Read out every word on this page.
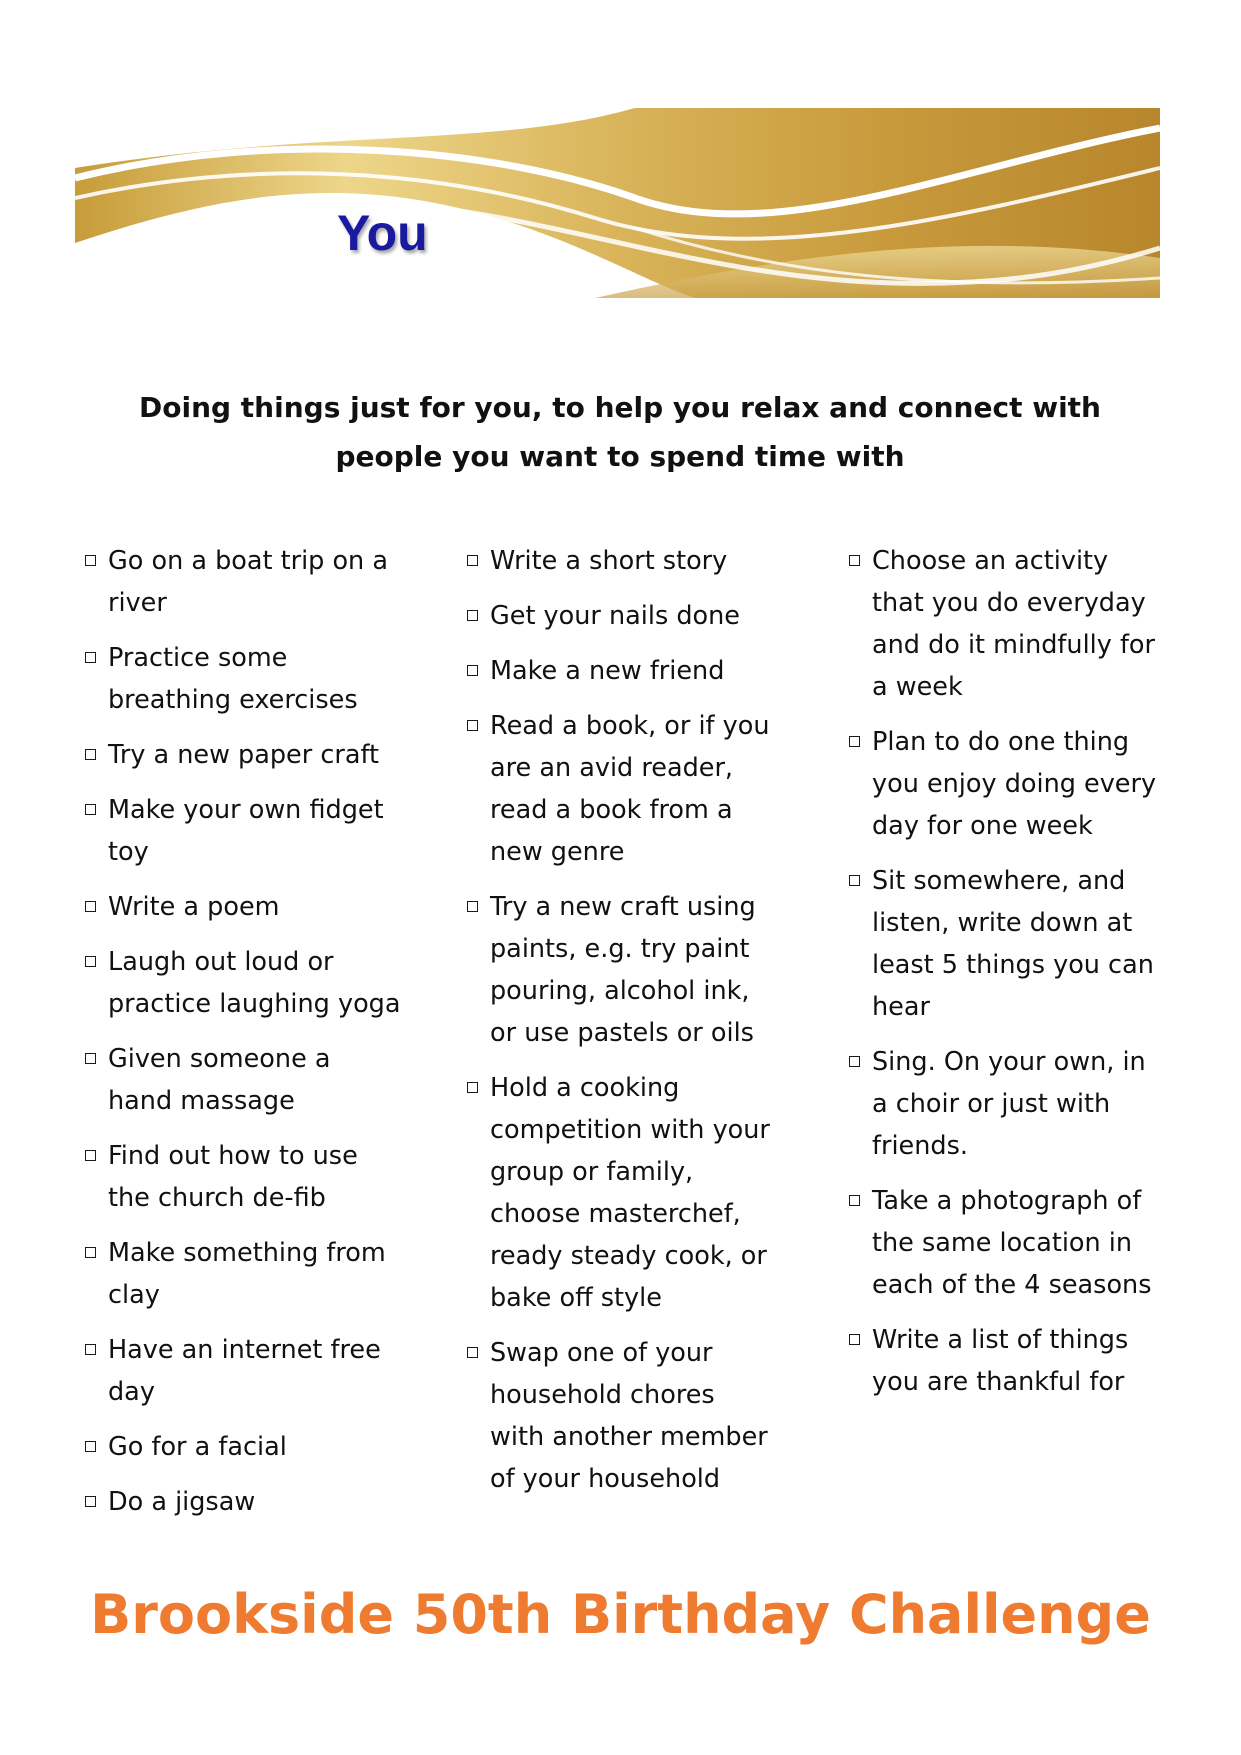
You
Doing things just for you, to help you relax and connect with
people you want to spend time with
Go on a boat trip on a
river
Practice some
breathing exercises
Try a new paper craft
Make your own fidget
toy
Write a poem
Laugh out loud or
practice laughing yoga
Given someone a
hand massage
Find out how to use
the church de-fib
Make something from
clay
Have an internet free
day
Go for a facial
Do a jigsaw
Write a short story
Get your nails done
Make a new friend
Read a book, or if you
are an avid reader,
read a book from a
new genre
Try a new craft using
paints, e.g. try paint
pouring, alcohol ink,
or use pastels or oils
Hold a cooking
competition with your
group or family,
choose masterchef,
ready steady cook, or
bake off style
Swap one of your
household chores
with another member
of your household
Choose an activity
that you do everyday
and do it mindfully for
a week
Plan to do one thing
you enjoy doing every
day for one week
Sit somewhere, and
listen, write down at
least 5 things you can
hear
Sing. On your own, in
a choir or just with
friends.
Take a photograph of
the same location in
each of the 4 seasons
Write a list of things
you are thankful for
Brookside 50th Birthday Challenge
